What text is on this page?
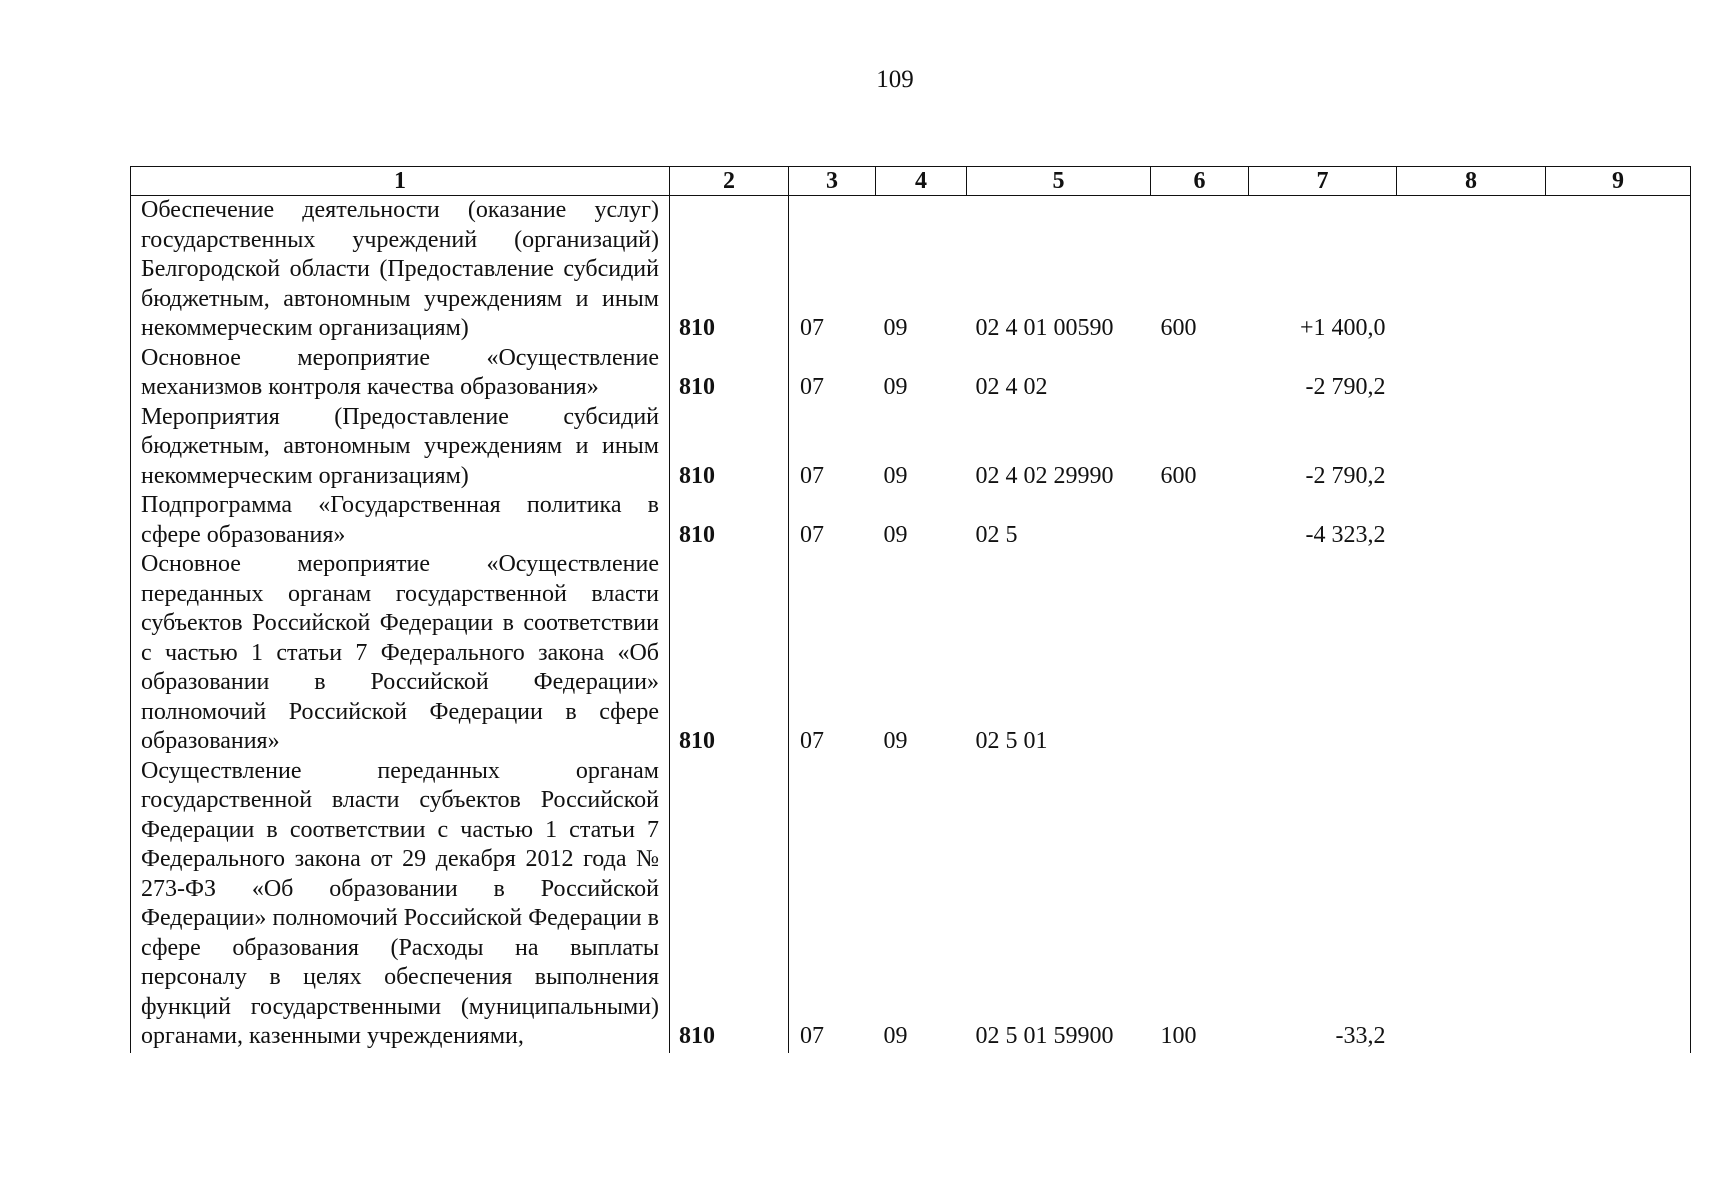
109
1	2	3	4	5	6	7	8	9
Обеспечение деятельности (оказание услуг) государственных учреждений (организаций) Белгородской области (Предоставление субсидий бюджетным, автономным учреждениям и иным некоммерческим организациям)	810	07	09	02 4 01 00590	600	+1 400,0		
Основное мероприятие «Осуществление механизмов контроля качества образования»	810	07	09	02 4 02		-2 790,2		
Мероприятия (Предоставление субсидий бюджетным, автономным учреждениям и иным некоммерческим организациям)	810	07	09	02 4 02 29990	600	-2 790,2		
Подпрограмма «Государственная политика в сфере образования»	810	07	09	02 5		-4 323,2		
Основное мероприятие «Осуществление переданных органам государственной власти субъектов Российской Федерации в соответствии с частью 1 статьи 7 Федерального закона «Об образовании в Российской Федерации» полномочий Российской Федерации в сфере образования»	810	07	09	02 5 01				
Осуществление переданных органам государственной власти субъектов Российской Федерации в соответствии с частью 1 статьи 7 Федерального закона от 29 декабря 2012 года № 273-ФЗ «Об образовании в Российской Федерации» полномочий Российской Федерации в сфере образования (Расходы на выплаты персоналу в целях обеспечения выполнения функций государственными (муниципальными) органами, казенными учреждениями,	810	07	09	02 5 01 59900	100	-33,2		
